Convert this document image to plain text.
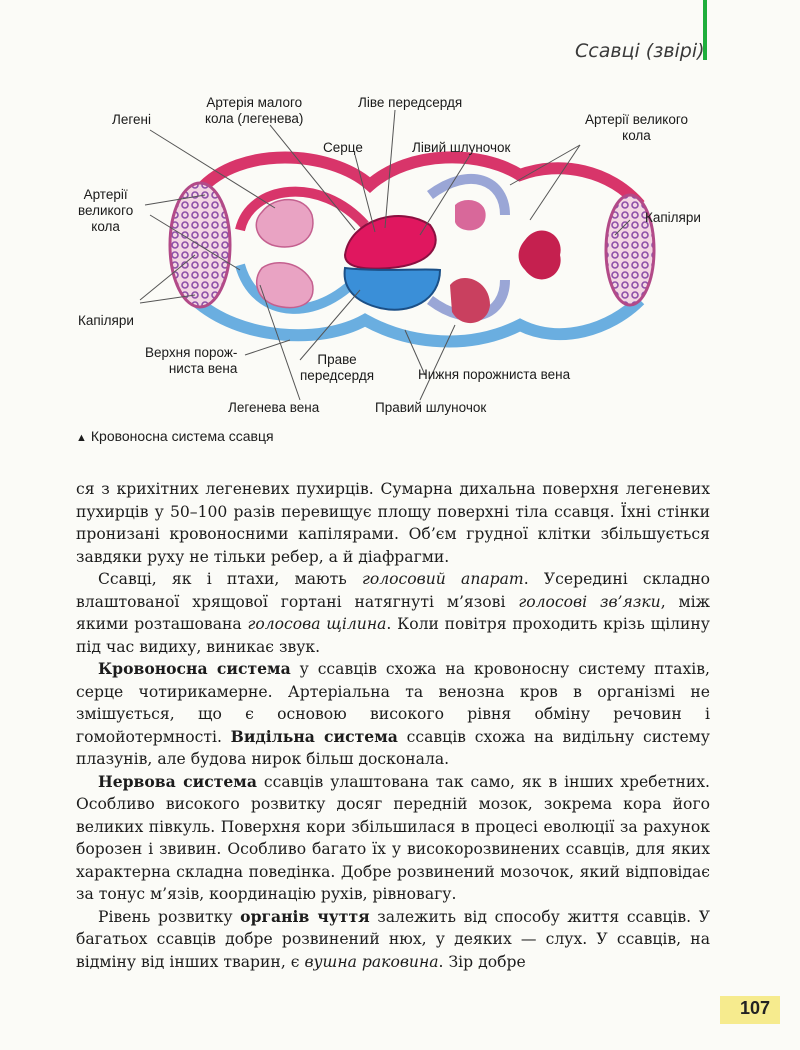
Ссавці (звірі)
Легені
Артерія малого
кола (легенева)
Ліве передсердя
Серце	Лівий шлуночок
Артерії великого
кола
Артерії
великого
кола
Капіляри
Капіляри
Верхня порож-
ниста вена
Праве
передсердя	Нижня порожниста вена
Легенева вена	Правий шлуночок
▲ Кровоносна система ссавця

ся з крихітних легеневих пухирців. Сумарна дихальна поверхня легеневих пухирців у 50–100 разів перевищує площу поверхні тіла ссавця. Їхні стінки пронизані кровоносними капілярами. Об’єм грудної клітки збільшується завдяки руху не тільки ребер, а й діафрагми.

Ссавці, як і птахи, мають голосовий апарат. Усередині складно влаштованої хрящової гортані натягнуті м’язові голосові зв’язки, між якими розташована голосова щілина. Коли повітря проходить крізь щілину під час видиху, виникає звук.

Кровоносна система у ссавців схожа на кровоносну систему птахів, серце чотирикамерне. Артеріальна та венозна кров в організмі не змішується, що є основою високого рівня обміну речовин і гомойотермності. Видільна система ссавців схожа на видільну систему плазунів, але будова нирок більш досконала.

Нервова система ссавців улаштована так само, як в інших хребетних. Особливо високого розвитку досяг передній мозок, зокрема кора його великих півкуль. Поверхня кори збільшилася в процесі еволюції за рахунок борозен і звивин. Особливо багато їх у високорозвинених ссавців, для яких характерна складна поведінка. Добре розвинений мозочок, який відповідає за тонус м’язів, координацію рухів, рівновагу.

Рівень розвитку органів чуття залежить від способу життя ссавців. У багатьох ссавців добре розвинений нюх, у деяких — слух. У ссавців, на відміну від інших тварин, є вушна раковина. Зір добре

107
